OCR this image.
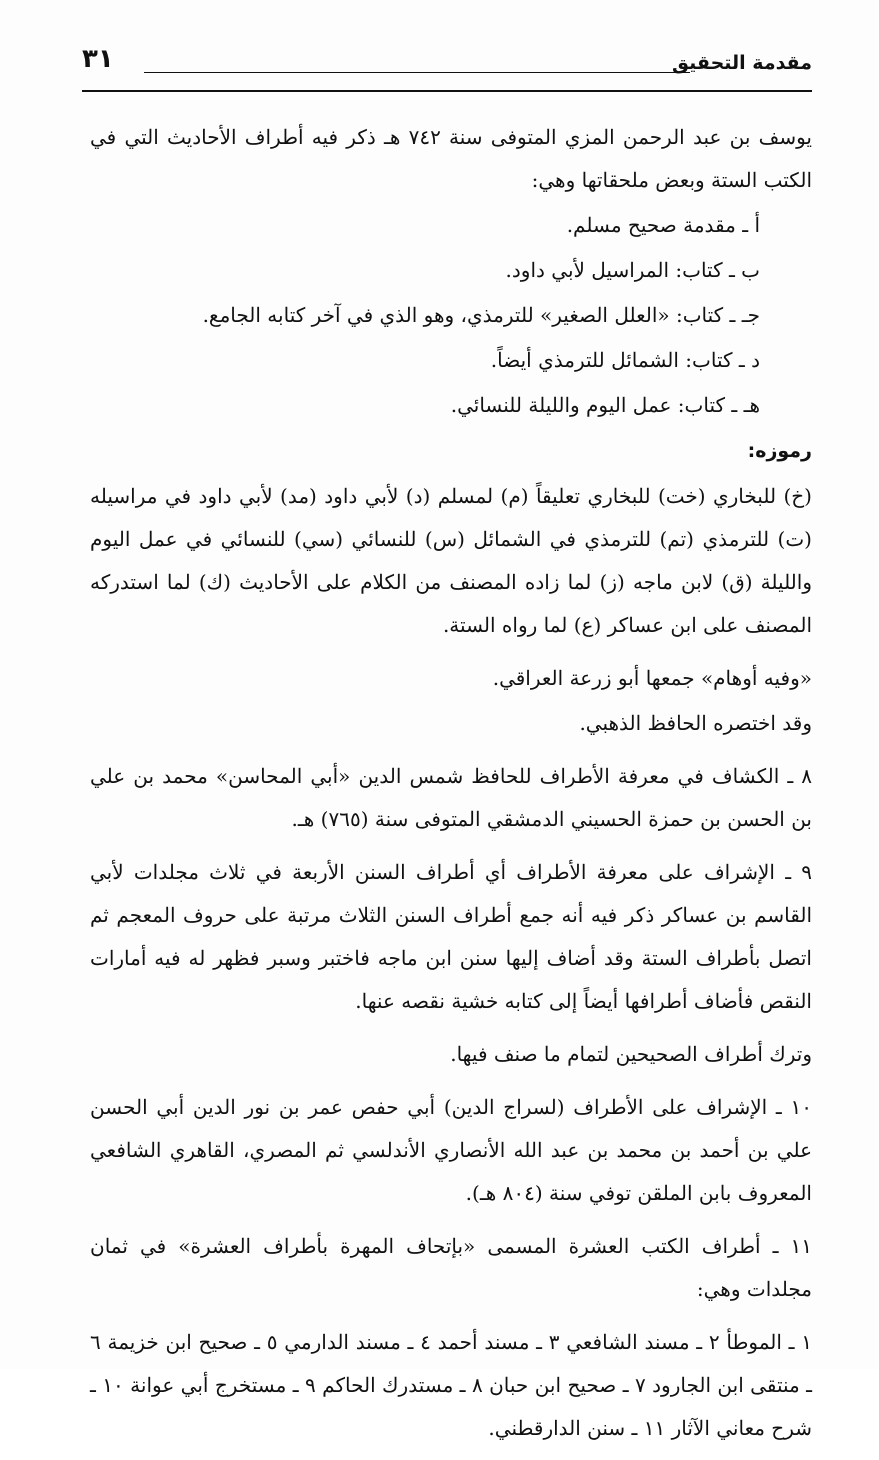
مقدمة التحقيق
٣١

يوسف بن عبد الرحمن المزي المتوفى سنة ٧٤٢ هـ ذكر فيه أطراف الأحاديث التي في الكتب الستة وبعض ملحقاتها وهي:

أ ـ مقدمة صحيح مسلم.

ب ـ كتاب: المراسيل لأبي داود.

جـ ـ كتاب: «العلل الصغير» للترمذي، وهو الذي في آخر كتابه الجامع.

د ـ كتاب: الشمائل للترمذي أيضاً.

هـ ـ كتاب: عمل اليوم والليلة للنسائي.

رموزه:

(خ) للبخاري (خت) للبخاري تعليقاً (م) لمسلم (د) لأبي داود (مد) لأبي داود في مراسيله (ت) للترمذي (تم) للترمذي في الشمائل (س) للنسائي (سي) للنسائي في عمل اليوم والليلة (ق) لابن ماجه (ز) لما زاده المصنف من الكلام على الأحاديث (ك) لما استدركه المصنف على ابن عساكر (ع) لما رواه الستة.

«وفيه أوهام» جمعها أبو زرعة العراقي.

وقد اختصره الحافظ الذهبي.

٨ ـ الكشاف في معرفة الأطراف للحافظ شمس الدين «أبي المحاسن» محمد بن علي بن الحسن بن حمزة الحسيني الدمشقي المتوفى سنة (٧٦٥) هـ.

٩ ـ الإشراف على معرفة الأطراف أي أطراف السنن الأربعة في ثلاث مجلدات لأبي القاسم بن عساكر ذكر فيه أنه جمع أطراف السنن الثلاث مرتبة على حروف المعجم ثم اتصل بأطراف الستة وقد أضاف إليها سنن ابن ماجه فاختبر وسبر فظهر له فيه أمارات النقص فأضاف أطرافها أيضاً إلى كتابه خشية نقصه عنها.

وترك أطراف الصحيحين لتمام ما صنف فيها.

١٠ ـ الإشراف على الأطراف (لسراج الدين) أبي حفص عمر بن نور الدين أبي الحسن علي بن أحمد بن محمد بن عبد الله الأنصاري الأندلسي ثم المصري، القاهري الشافعي المعروف بابن الملقن توفي سنة (٨٠٤ هـ).

١١ ـ أطراف الكتب العشرة المسمى «بإتحاف المهرة بأطراف العشرة» في ثمان مجلدات وهي:

١ ـ الموطأ ٢ ـ مسند الشافعي ٣ ـ مسند أحمد ٤ ـ مسند الدارمي ٥ ـ صحيح ابن خزيمة ٦ ـ منتقى ابن الجارود ٧ ـ صحيح ابن حبان ٨ ـ مستدرك الحاكم ٩ ـ مستخرج أبي عوانة ١٠ ـ شرح معاني الآثار ١١ ـ سنن الدارقطني.
